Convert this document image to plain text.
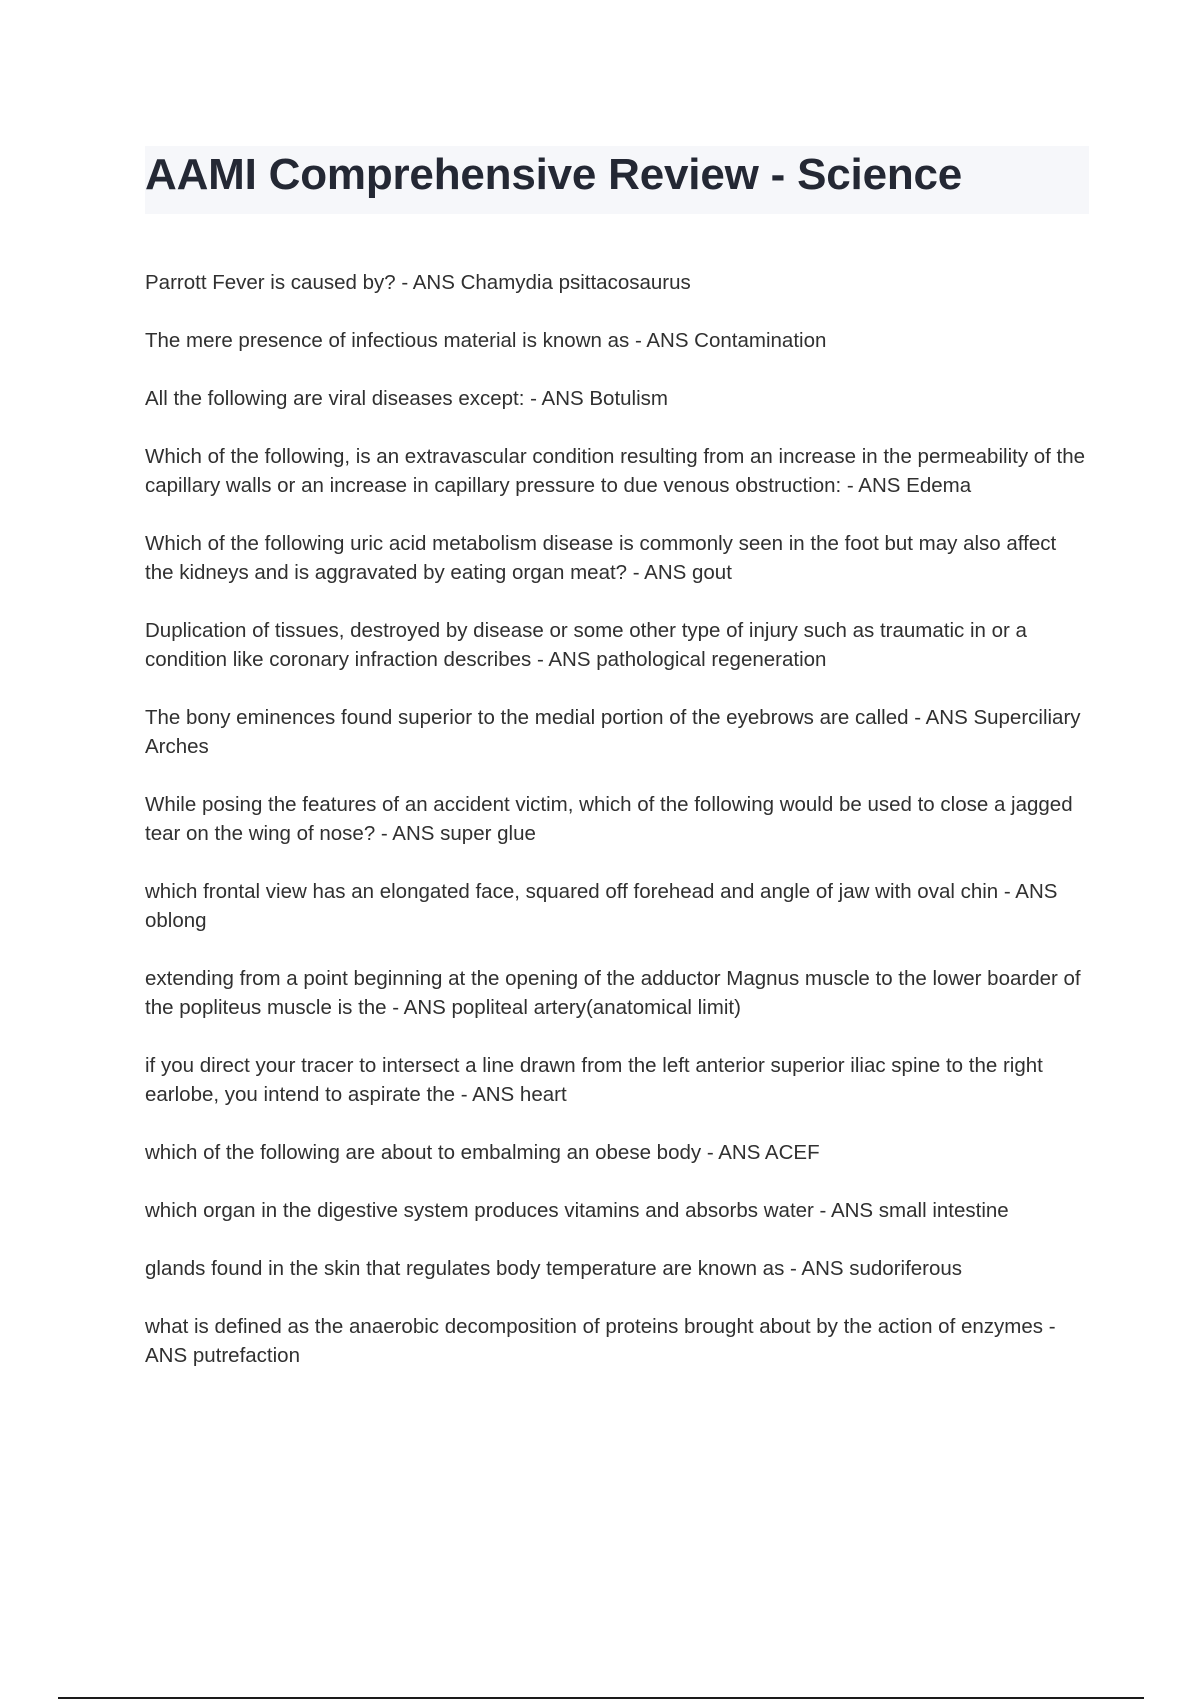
AAMI Comprehensive Review - Science
Parrott Fever is caused by? - ANS Chamydia psittacosaurus
The mere presence of infectious material is known as - ANS Contamination
All the following are viral diseases except: - ANS Botulism
Which of the following, is an extravascular condition resulting from an increase in the permeability of the capillary walls or an increase in capillary pressure to due venous obstruction: - ANS Edema
Which of the following uric acid metabolism disease is commonly seen in the foot but may also affect the kidneys and is aggravated by eating organ meat? - ANS gout
Duplication of tissues, destroyed by disease or some other type of injury such as traumatic in or a condition like coronary infraction describes - ANS pathological regeneration
The bony eminences found superior to the medial portion of the eyebrows are called - ANS Superciliary Arches
While posing the features of an accident victim, which of the following would be used to close a jagged tear on the wing of nose? - ANS super glue
which frontal view has an elongated face, squared off forehead and angle of jaw with oval chin - ANS oblong
extending from a point beginning at the opening of the adductor Magnus muscle to the lower boarder of the popliteus muscle is the - ANS popliteal artery(anatomical limit)
if you direct your tracer to intersect a line drawn from the left anterior superior iliac spine to the right earlobe, you intend to aspirate the - ANS heart
which of the following are about to embalming an obese body - ANS ACEF
which organ in the digestive system produces vitamins and absorbs water - ANS small intestine
glands found in the skin that regulates body temperature are known as - ANS sudoriferous
what is defined as the anaerobic decomposition of proteins brought about by the action of enzymes - ANS putrefaction
